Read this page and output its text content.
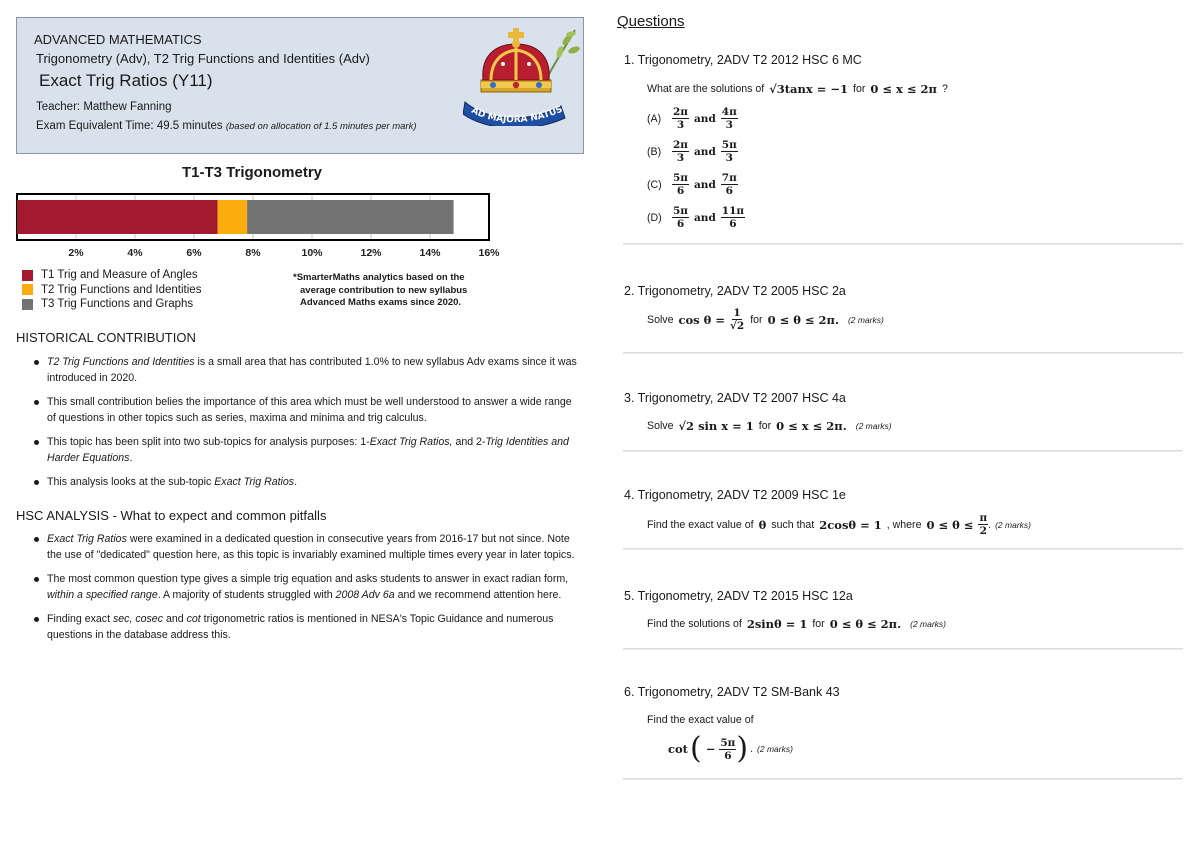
ADVANCED MATHEMATICS
Trigonometry (Adv), T2 Trig Functions and Identities (Adv)
Exact Trig Ratios (Y11)
Teacher: Matthew Fanning
Exam Equivalent Time: 49.5 minutes (based on allocation of 1.5 minutes per mark)
AD MAJORA NATUS
T1-T3 Trigonometry
2%	4%	6%	8%	10%	12%	14%	16%
T1 Trig and Measure of Angles
T2 Trig Functions and Identities
T3 Trig Functions and Graphs
*SmarterMaths analytics based on the
average contribution to new syllabus
Advanced Maths exams since 2020.
HISTORICAL CONTRIBUTION
T2 Trig Functions and Identities is a small area that has contributed 1.0% to new syllabus Adv exams since it was introduced in 2020.
This small contribution belies the importance of this area which must be well understood to answer a wide range of questions in other topics such as series, maxima and minima and trig calculus.
This topic has been split into two sub-topics for analysis purposes: 1-Exact Trig Ratios, and 2-Trig Identities and Harder Equations.
This analysis looks at the sub-topic Exact Trig Ratios.
HSC ANALYSIS - What to expect and common pitfalls
Exact Trig Ratios were examined in a dedicated question in consecutive years from 2016-17 but not since. Note the use of "dedicated" question here, as this topic is invariably examined multiple times every year in later topics.
The most common question type gives a simple trig equation and asks students to answer in exact radian form, within a specified range. A majority of students struggled with 2008 Adv 6a and we recommend attention here.
Finding exact sec, cosec and cot trigonometric ratios is mentioned in NESA's Topic Guidance and numerous questions in the database address this.
Questions
1. Trigonometry, 2ADV T2 2012 HSC 6 MC
What are the solutions of √3tanx = −1 for 0 ≤ x ≤ 2π ?
(A)	$\frac{2\pi}{3}$ and $\frac{4\pi}{3}$
(B)	$\frac{2\pi}{3}$ and $\frac{5\pi}{3}$
$(C) \frac{5\pi}{6}$ and $\frac{7\pi}{6}$
$(D) \frac{5\pi}{6}$ and $\frac{11\pi}{6}$
2. Trigonometry, 2ADV T2 2005 HSC 2a
Solve $\cos \theta = \frac{1}{√2}$ for 0 ≤ θ ≤ 2π. (2 marks)
3. Trigonometry, 2ADV T2 2007 HSC 4a
Solve √2 sin x = 1 for 0 ≤ x ≤ 2π. (2 marks)
4. Trigonometry, 2ADV T2 2009 HSC 1e
Find the exact value of θ such that 2cosθ = 1 , where $0 \le \theta \le \frac{\pi}{2}$ . (2 marks)
5. Trigonometry, 2ADV T2 2015 HSC 12a
Find the solutions of 2sinθ = 1 for 0 ≤ θ ≤ 2π. (2 marks)
6. Trigonometry, 2ADV T2 SM-Bank 43
Find the exact value of
cot ( − $\frac{5\pi}{6}$ ) . (2 marks)
